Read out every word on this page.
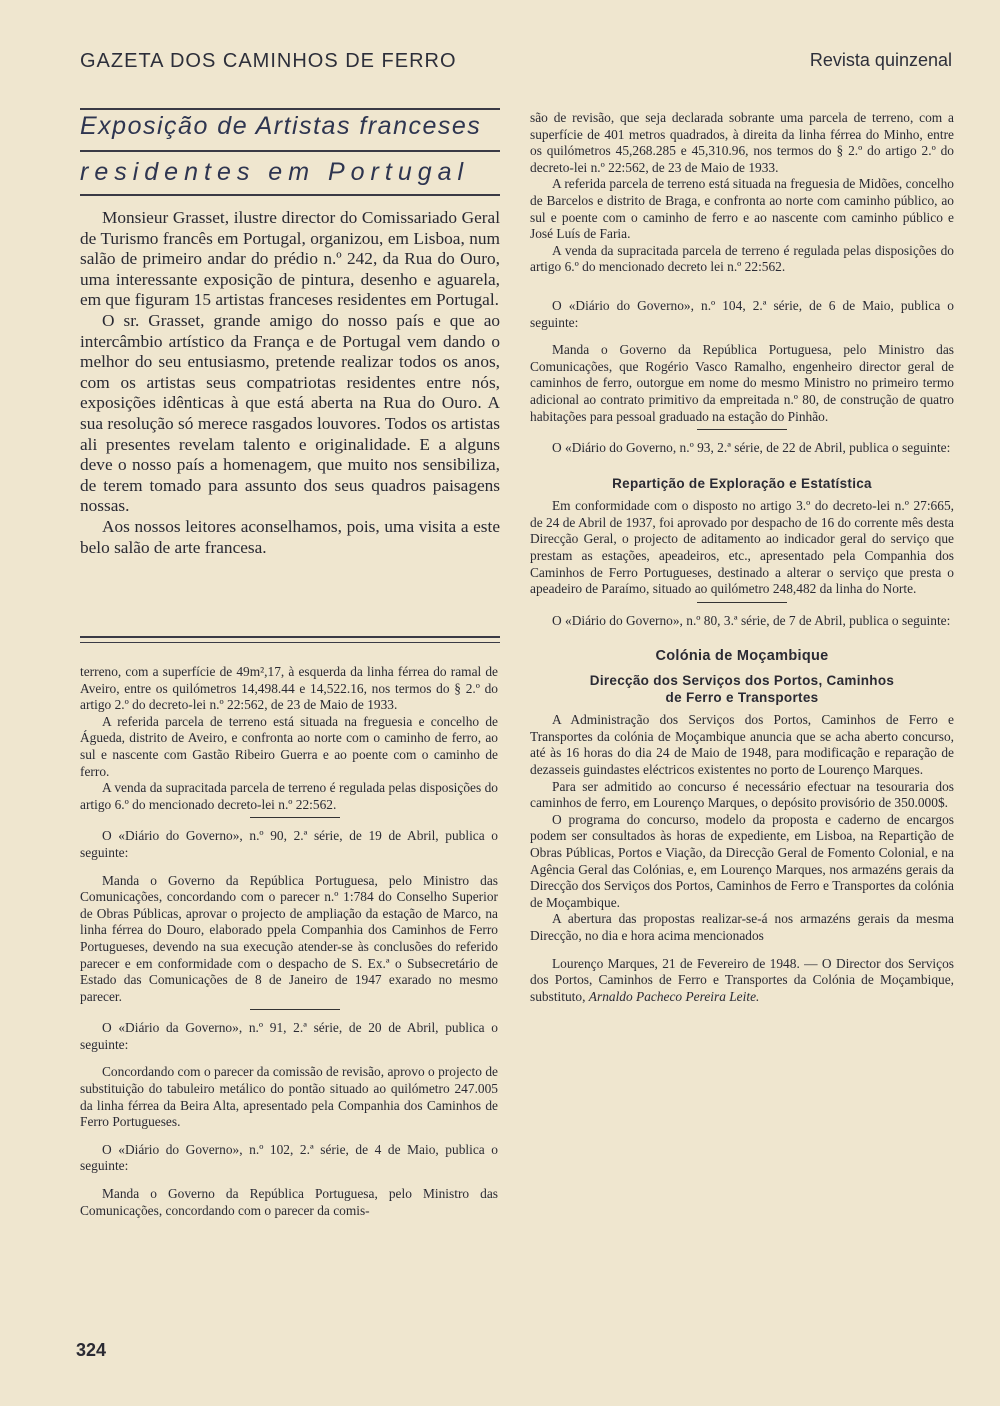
GAZETA DOS CAMINHOS DE FERRO	Revista quinzenal
Exposição de Artistas franceses
residentes em Portugal

Monsieur Grasset, ilustre director do Comissariado Geral de Turismo francês em Portugal, organizou, em Lisboa, num salão de primeiro andar do prédio n.º 242, da Rua do Ouro, uma interessante exposição de pintura, desenho e aguarela, em que figuram 15 artistas franceses residentes em Portugal.

O sr. Grasset, grande amigo do nosso país e que ao intercâmbio artístico da França e de Portugal vem dando o melhor do seu entusiasmo, pretende realizar todos os anos, com os artistas seus compatriotas residentes entre nós, exposições idênticas à que está aberta na Rua do Ouro. A sua resolução só merece rasgados louvores. Todos os artistas ali presentes revelam talento e originalidade. E a alguns deve o nosso país a homenagem, que muito nos sensibiliza, de terem tomado para assunto dos seus quadros paisagens nossas.

Aos nossos leitores aconselhamos, pois, uma visita a este belo salão de arte francesa.

terreno, com a superfície de 49m²,17, à esquerda da linha férrea do ramal de Aveiro, entre os quilómetros 14,498.44 e 14,522.16, nos termos do § 2.º do artigo 2.º do decreto-lei n.º 22:562, de 23 de Maio de 1933.

A referida parcela de terreno está situada na freguesia e concelho de Águeda, distrito de Aveiro, e confronta ao norte com o caminho de ferro, ao sul e nascente com Gastão Ribeiro Guerra e ao poente com o caminho de ferro.

A venda da supracitada parcela de terreno é regulada pelas disposições do artigo 6.º do mencionado decreto-lei n.º 22:562.

O «Diário do Governo», n.º 90, 2.ª série, de 19 de Abril, publica o seguinte:

Manda o Governo da República Portuguesa, pelo Ministro das Comunicações, concordando com o parecer n.º 1:784 do Conselho Superior de Obras Públicas, aprovar o projecto de ampliação da estação de Marco, na linha férrea do Douro, elaborado ppela Companhia dos Caminhos de Ferro Portugueses, devendo na sua execução atender-se às conclusões do referido parecer e em conformidade com o despacho de S. Ex.ª o Subsecretário de Estado das Comunicações de 8 de Janeiro de 1947 exarado no mesmo parecer.

O «Diário da Governo», n.º 91, 2.ª série, de 20 de Abril, publica o seguinte:

Concordando com o parecer da comissão de revisão, aprovo o projecto de substituição do tabuleiro metálico do pontão situado ao quilómetro 247.005 da linha férrea da Beira Alta, apresentado pela Companhia dos Caminhos de Ferro Portugueses.

O «Diário do Governo», n.º 102, 2.ª série, de 4 de Maio, publica o seguinte:

Manda o Governo da República Portuguesa, pelo Ministro das Comunicações, concordando com o parecer da comis-

são de revisão, que seja declarada sobrante uma parcela de terreno, com a superfície de 401 metros quadrados, à direita da linha férrea do Minho, entre os quilómetros 45,268.285 e 45,310.96, nos termos do § 2.º do artigo 2.º do decreto-lei n.º 22:562, de 23 de Maio de 1933.

A referida parcela de terreno está situada na freguesia de Midões, concelho de Barcelos e distrito de Braga, e confronta ao norte com caminho público, ao sul e poente com o caminho de ferro e ao nascente com caminho público e José Luís de Faria.

A venda da supracitada parcela de terreno é regulada pelas disposições do artigo 6.º do mencionado decreto lei n.º 22:562.

O «Diário do Governo», n.º 104, 2.ª série, de 6 de Maio, publica o seguinte:

Manda o Governo da República Portuguesa, pelo Ministro das Comunicações, que Rogério Vasco Ramalho, engenheiro director geral de caminhos de ferro, outorgue em nome do mesmo Ministro no primeiro termo adicional ao contrato primitivo da empreitada n.º 80, de construção de quatro habitações para pessoal graduado na estação do Pinhão.

O «Diário do Governo, n.º 93, 2.ª série, de 22 de Abril, publica o seguinte:

Repartição de Exploração e Estatística

Em conformidade com o disposto no artigo 3.º do decreto-lei n.º 27:665, de 24 de Abril de 1937, foi aprovado por despacho de 16 do corrente mês desta Direcção Geral, o projecto de aditamento ao indicador geral do serviço que prestam as estações, apeadeiros, etc., apresentado pela Companhia dos Caminhos de Ferro Portugueses, destinado a alterar o serviço que presta o apeadeiro de Paraímo, situado ao quilómetro 248,482 da linha do Norte.

O «Diário do Governo», n.º 80, 3.ª série, de 7 de Abril, publica o seguinte:

Colónia de Moçambique
Direcção dos Serviços dos Portos, Caminhos
de Ferro e Transportes

A Administração dos Serviços dos Portos, Caminhos de Ferro e Transportes da colónia de Moçambique anuncia que se acha aberto concurso, até às 16 horas do dia 24 de Maio de 1948, para modificação e reparação de dezasseis guindastes eléctricos existentes no porto de Lourenço Marques.

Para ser admitido ao concurso é necessário efectuar na tesouraria dos caminhos de ferro, em Lourenço Marques, o depósito provisório de 350.000$.

O programa do concurso, modelo da proposta e caderno de encargos podem ser consultados às horas de expediente, em Lisboa, na Repartição de Obras Públicas, Portos e Viação, da Direcção Geral de Fomento Colonial, e na Agência Geral das Colónias, e, em Lourenço Marques, nos armazéns gerais da Direcção dos Serviços dos Portos, Caminhos de Ferro e Transportes da colónia de Moçambique.

A abertura das propostas realizar-se-á nos armazéns gerais da mesma Direcção, no dia e hora acima mencionados

Lourenço Marques, 21 de Fevereiro de 1948. — O Director dos Serviços dos Portos, Caminhos de Ferro e Transportes da Colónia de Moçambique, substituto, Arnaldo Pacheco Pereira Leite.

324
